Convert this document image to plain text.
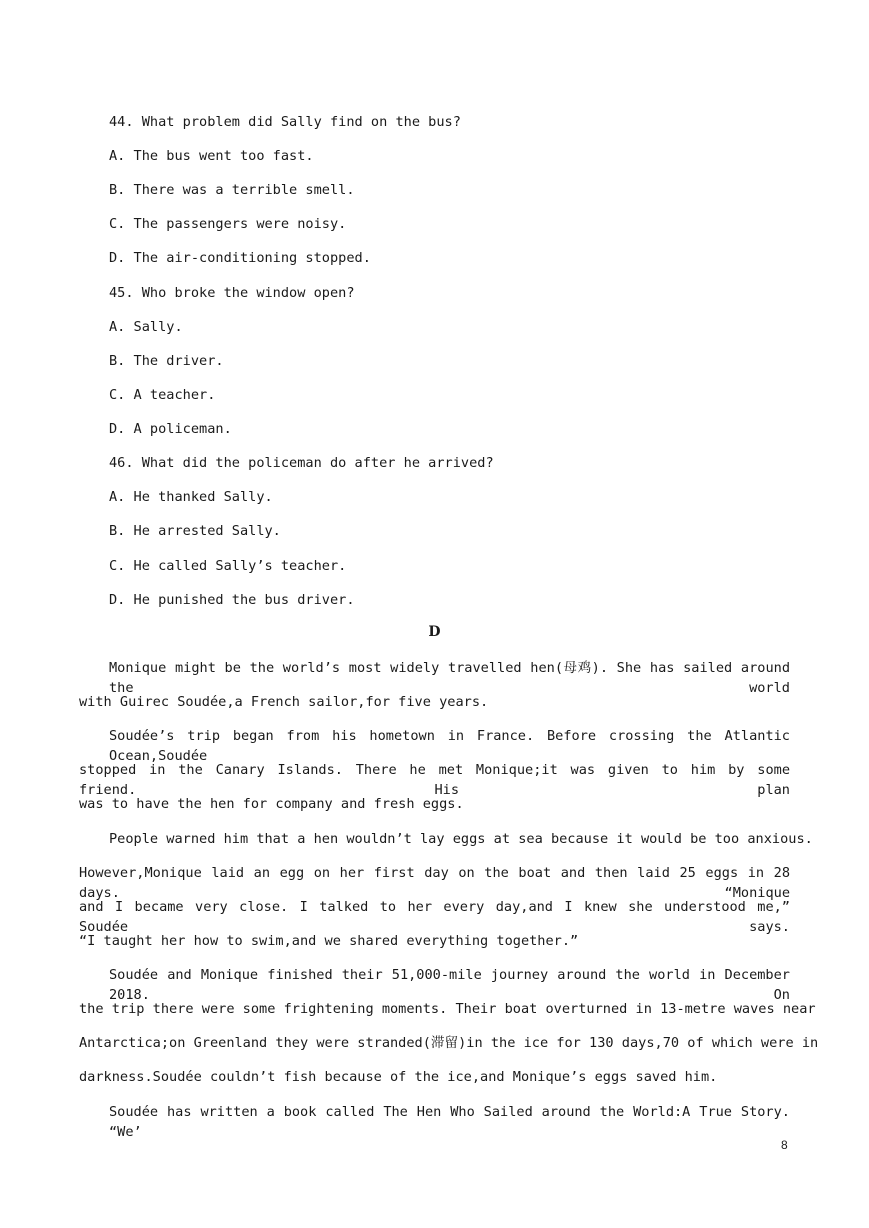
44. What problem did Sally find on the bus?
A. The bus went too fast.
B. There was a terrible smell.
C. The passengers were noisy.
D. The air-conditioning stopped.
45. Who broke the window open?
A. Sally.
B. The driver.
C. A teacher.
D. A policeman.
46. What did the policeman do after he arrived?
A. He thanked Sally.
B. He arrested Sally.
C. He called Sally’s teacher.
D. He punished the bus driver.
D
Monique might be the world’s most widely travelled hen(母鸡). She has sailed around the world
with Guirec Soudée,a French sailor,for five years.
Soudée’s trip began from his hometown in France. Before crossing the Atlantic Ocean,Soudée
stopped in the Canary Islands. There he met Monique;it was given to him by some friend. His plan
was to have the hen for company and fresh eggs.
People warned him that a hen wouldn’t lay eggs at sea because it would be too anxious.
However,Monique laid an egg on her first day on the boat and then laid 25 eggs in 28 days. “Monique
and I became very close. I talked to her every day,and I knew she understood me,” Soudée says.
“I taught her how to swim,and we shared everything together.”
Soudée and Monique finished their 51,000-mile journey around the world in December 2018. On
the trip there were some frightening moments. Their boat overturned in 13-metre waves near
Antarctica;on Greenland they were stranded(滞留)in the ice for 130 days,70 of which were in
darkness.Soudée couldn’t fish because of the ice,and Monique’s eggs saved him.
Soudée has written a book called The Hen Who Sailed around the World:A True Story. “We’
8
